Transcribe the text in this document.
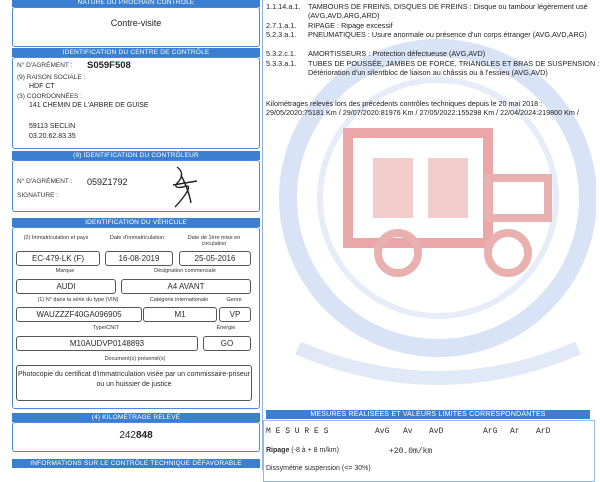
NATURE DU PROCHAIN CONTRÔLE
Contre-visite
IDENTIFICATION DU CENTRE DE CONTRÔLE
N° D'AGRÉMENT : S059F508
(9) RAISON SOCIALE :
HDF CT
(3) COORDONNÉES :
141 CHEMIN DE L'ARBRE DE GUISE
59113 SECLIN
03.20.62.83.35
(9) IDENTIFICATION DU CONTRÔLEUR
N° D'AGRÉMENT : 059Z1792
SIGNATURE :
IDENTIFICATION DU VÉHICULE
(2) Immatriculation et pays	Date d'immatriculation	Date de 1ère mise en circulation
EC-479-LK (F)	16-08-2019	25-05-2016
Marque	Désignation commerciale
AUDI	A4 AVANT
(1) N° dans la série du type (VIN)	Catégorie internationale	Genre
WAUZZZF40GA096905	M1	VP
Type/CNIT	Énergie
M10AUDVP0148893	GO
Document(s) présenté(s)
Photocopie du certificat d'immatriculation visée par un commissaire-priseur ou un huissier de justice
(4) KILOMÉTRAGE RELEVÉ
242848
INFORMATIONS SUR LE CONTRÔLE TECHNIQUE DÉFAVORABLE
1.1.14.a.1. TAMBOURS DE FREINS, DISQUES DE FREINS : Disque ou tambour légèrement usé (AVG,AVD,ARG,ARD)
2.7.1.a.1. RIPAGE : Ripage excessif
5.2.3.a.1. PNEUMATIQUES : Usure anormale ou présence d'un corps étranger (AVG,AVD,ARG)
5.3.2.c.1. AMORTISSEURS : Protection défectueuse (AVG,AVD)
5.3.3.a.1. TUBES DE POUSSÉE, JAMBES DE FORCE, TRIANGLES ET BRAS DE SUSPENSION : Détérioration d'un silentbloc de liaison au châssis ou à l'essieu (AVG,AVD)
Kilométrages relevés lors des précédents contrôles techniques depuis le 20 mai 2018 : 29/05/2020:75181 Km / 29/07/2020:81976 Km / 27/05/2022:155298 Km / 22/04/2024:219800 Km /
MESURES RÉALISÉES ET VALEURS LIMITES CORRESPONDANTES
M E S U R E S	AvG Av AvD	ArG Ar ArD
Ripage (-8 à + 8 m/km)	+20.0m/km
Dissymétrie suspension (<= 30%)
